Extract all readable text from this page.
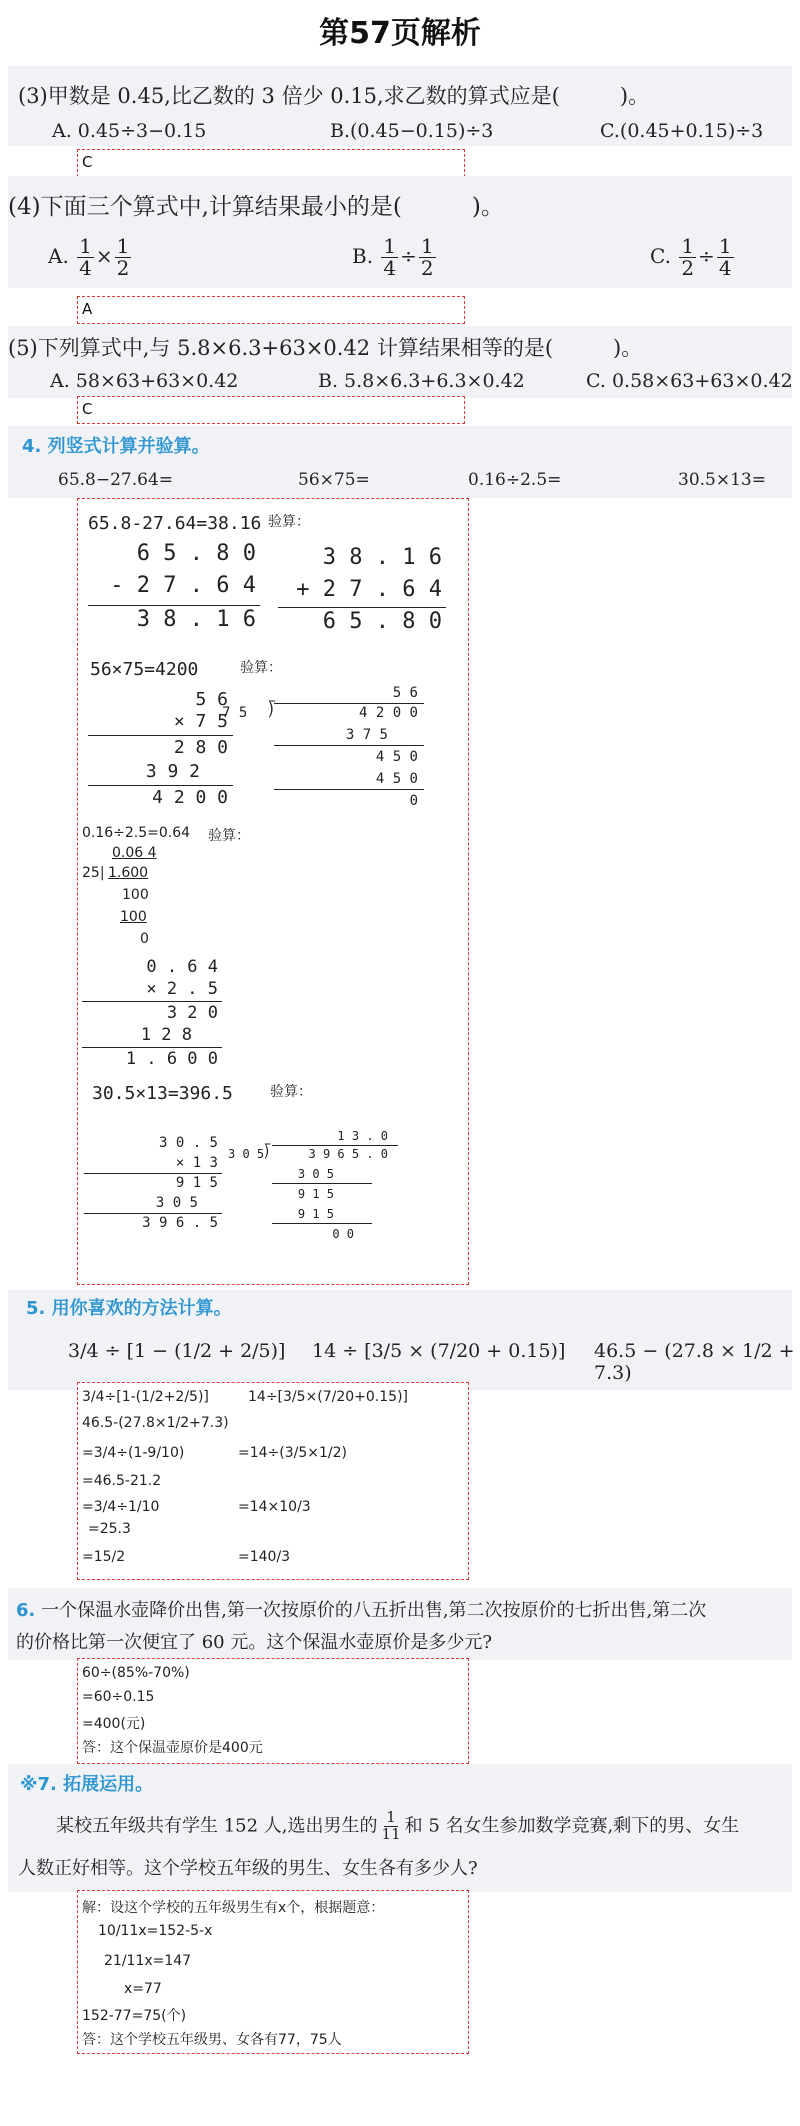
第57页解析
(3)甲数是 0.45,比乙数的 3 倍少 0.15,求乙数的算式应是(	)。
A. 0.45÷3−0.15	B.(0.45−0.15)÷3	C.(0.45+0.15)÷3
C
(4)下面三个算式中,计算结果最小的是(	)。
A. $\frac{1}{4} \times \frac{1}{2}$	B. $\frac{1}{4} \div \frac{1}{2}$	C. $\frac{1}{2} \div \frac{1}{4}$
A
(5)下列算式中,与 5.8×6.3+63×0.42 计算结果相等的是(	)。
A. 58×63+63×0.42	B. 5.8×6.3+6.3×0.42	C. 0.58×63+63×0.42
C
4. 列竖式计算并验算。
65.8−27.64=	56×75=	0.16÷2.5=	30.5×13=
65.8-27.64=38.16 验算：
6 5 . 8 0
- 2 7 . 6 4
3 8 . 1 6
3 8 . 1 6
+ 2 7 . 6 4
6 5 . 8 0
56×75=4200	验算：
5 6
× 7 5
2 8 0
3 9 2
4 2 0 0
5 6
7 5 ⟌	4 2 0 0
3 7 5
4 5 0
4 5 0
0
0.16÷2.5=0.64 验算：
0.06 4
25| 1.600
100
100
0
0 . 6 4
× 2 . 5
3 2 0
1 2 8
1 . 6 0 0
30.5×13=396.5	验算：
3 0 . 5
× 1 3
9 1 5
3 0 5
3 9 6 . 5
1 3 . 0
3 0 5 ⟌	3 9 6 5 . 0
3 0 5
9 1 5
9 1 5
0 0
5. 用你喜欢的方法计算。
3/4 ÷ [1 − (1/2 + 2/5)] 14 ÷ [3/5 × (7/20 + 0.15)] 46.5 − (27.8 × 1/2 + 7.3)
3/4÷[1-(1/2+2/5)]	14÷[3/5×(7/20+0.15)]
46.5-(27.8×1/2+7.3)
=3/4÷(1-9/10)	=14÷(3/5×1/2)
=46.5-21.2
=3/4÷1/10	=14×10/3
=25.3
=15/2	=140/3
6. 一个保温水壶降价出售,第一次按原价的八五折出售,第二次按原价的七折出售,第二次
的价格比第一次便宜了 60 元。这个保温水壶原价是多少元?
60÷(85%-70%)
=60÷0.15
=400(元)
答：这个保温壶原价是400元
※7. 拓展运用。
某校五年级共有学生 152 人,选出男生的 $\frac{1}{11}$ 和 5 名女生参加数学竞赛,剩下的男、女生
人数正好相等。这个学校五年级的男生、女生各有多少人?
解：设这个学校的五年级男生有x个，根据题意：
10/11x=152-5-x
21/11x=147
x=77
152-77=75(个)
答：这个学校五年级男、女各有77，75人
